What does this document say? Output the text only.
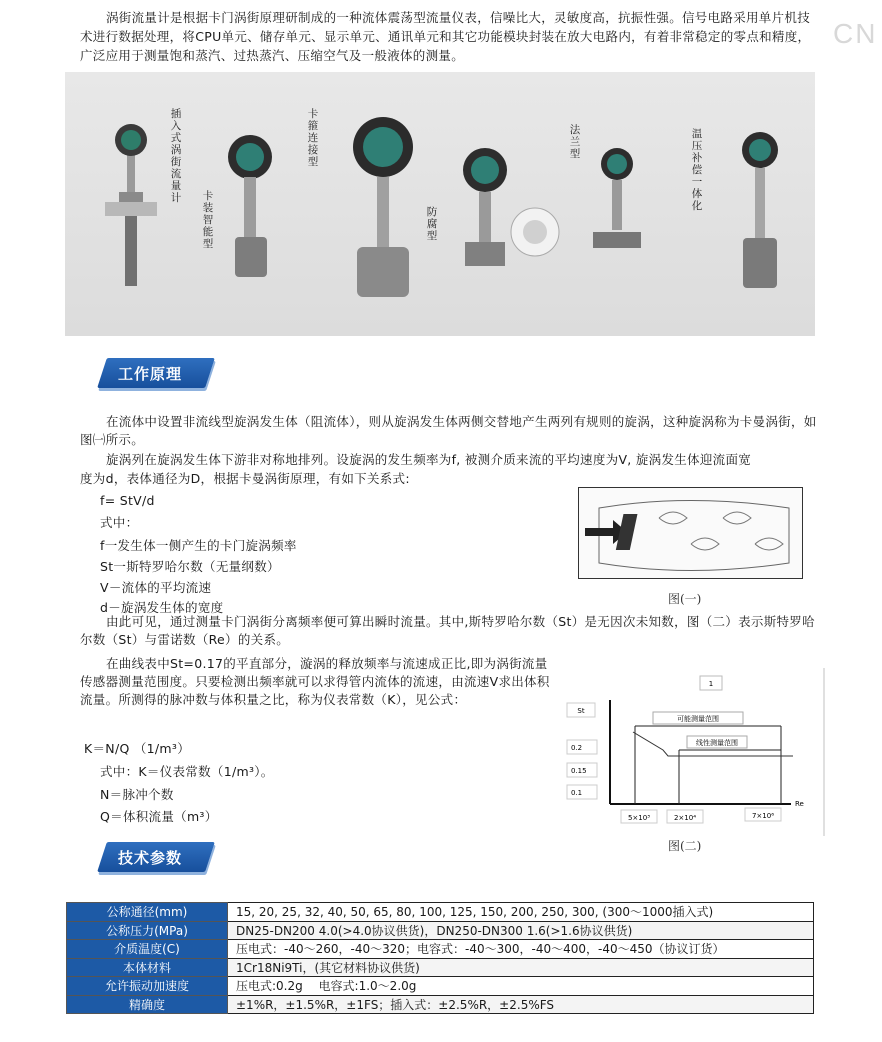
涡街流量计是根据卡门涡街原理研制成的一种流体震荡型流量仪表，信噪比大，灵敏度高，抗振性强。信号电路采用单片机技术进行数据处理，将CPU单元、储存单元、显示单元、通讯单元和其它功能模块封装在放大电路内，有着非常稳定的零点和精度，广泛应用于测量饱和蒸汽、过热蒸汽、压缩空气及一般液体的测量。
CN
插入式涡街流量计 卡装智能型
卡箍连接型
防腐型
法兰型
温压补偿一体化
工作原理
在流体中设置非流线型旋涡发生体（阻流体），则从旋涡发生体两侧交替地产生两列有规则的旋涡，这种旋涡称为卡曼涡街，如图㈠所示。
旋涡列在旋涡发生体下游非对称地排列。设旋涡的发生频率为f, 被测介质来流的平均速度为V, 旋涡发生体迎流面宽
度为d，表体通径为D，根据卡曼涡街原理，有如下关系式:
f= StV/d
式中：
f一发生体一侧产生的卡门旋涡频率
St一斯特罗哈尔数（无量纲数）
V－流体的平均流速
d－旋涡发生体的宽度
图(一)
由此可见，通过测量卡门涡街分离频率便可算出瞬时流量。其中,斯特罗哈尔数（St）是无因次未知数，图（二）表示斯特罗哈尔数（St）与雷诺数（Re）的关系。
在曲线表中St=0.17的平直部分，漩涡的释放频率与流速成正比,即为涡街流量传感器测量范围度。只要检测出频率就可以求得管内流体的流速，由流速V求出体积流量。所测得的脉冲数与体积量之比，称为仪表常数（K），见公式：
K＝N/Q （1/m³）
式中：K＝仪表常数（1/m³）。
N＝脉冲个数
Q＝体积流量（m³）
1
St
0.2
0.15
0.1
Re
可能测量范围
线性测量范围
5×10³	2×10⁴	7×10⁶
图(二)
技术参数
公称通径(mm)	15, 20, 25, 32, 40, 50, 65, 80, 100, 125, 150, 200, 250, 300, (300～1000插入式)
公称压力(MPa)	DN25-DN200 4.0(>4.0协议供货)，DN250-DN300 1.6(>1.6协议供货)
介质温度(C)	压电式：-40～260，-40～320；电容式：-40～300，-40～400，-40～450（协议订货）
本体材料	1Cr18Ni9Ti，(其它材料协议供货)
允许振动加速度	压电式:0.2g　 电容式:1.0～2.0g
精确度	±1%R，±1.5%R，±1FS；插入式：±2.5%R，±2.5%FS
